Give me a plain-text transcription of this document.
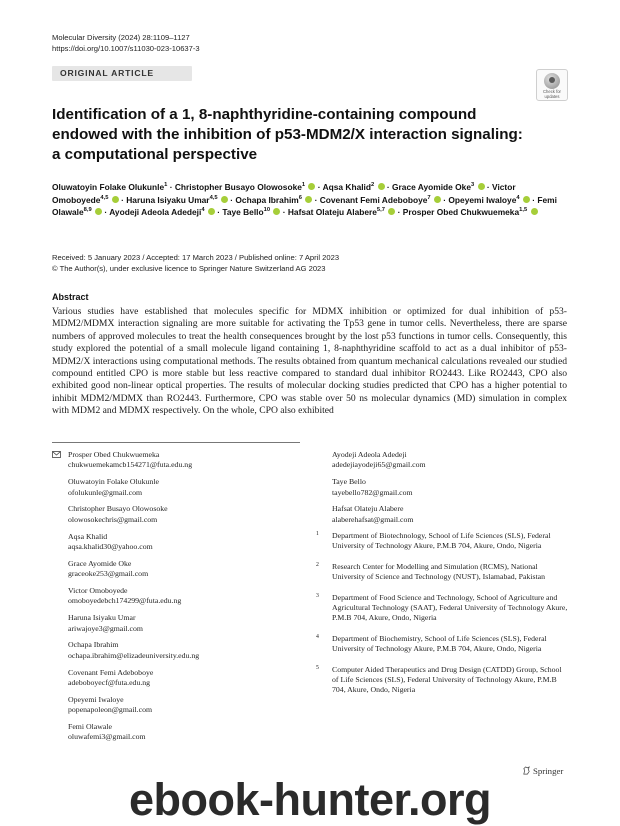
Molecular Diversity (2024) 28:1109–1127
https://doi.org/10.1007/s11030-023-10637-3
ORIGINAL ARTICLE
Check for
updates
Identification of a 1, 8-naphthyridine-containing compound
endowed with the inhibition of p53-MDM2/X interaction signaling:
a computational perspective
Oluwatoyin Folake Olukunle$^1$ · Christopher Busayo Olowosoke$^1$  · Aqsa Khalid$^2$  · Grace Ayomide Oke$^3$  · Victor Omoboyede$^{4,5}$  · Haruna Isiyaku Umar$^{4,5}$  · Ochapa Ibrahim$^6$  · Covenant Femi Adeboboye$^7$  · Opeyemi Iwaloye$^4$  · Femi Olawale$^{8,9}$  · Ayodeji Adeola Adedeji$^4$  · Taye Bello$^{10}$  · Hafsat Olateju Alabere$^{5,7}$  · Prosper Obed Chukwuemeka$^{1,5}$
Received: 5 January 2023 / Accepted: 17 March 2023 / Published online: 7 April 2023
© The Author(s), under exclusive licence to Springer Nature Switzerland AG 2023
Abstract

Various studies have established that molecules specific for MDMX inhibition or optimized for dual inhibition of p53-MDM2/MDMX interaction signaling are more suitable for activating the Tp53 gene in tumor cells. Nevertheless, there are sparse numbers of approved molecules to treat the health consequences brought by the lost p53 functions in tumor cells. Consequently, this study explored the potential of a small molecule ligand containing 1, 8-naphthyridine scaffold to act as a dual inhibitor of p53-MDM2/X interactions using computational methods. The results obtained from quantum mechanical calculations revealed our studied compound entitled CPO is more stable but less reactive compared to standard dual inhibitor RO2443. Like RO2443, CPO also exhibited good non-linear optical properties. The results of molecular docking studies predicted that CPO has a higher potential to inhibit MDM2/MDMX than RO2443. Furthermore, CPO was stable over 50 ns molecular dynamics (MD) simulation in complex with MDM2 and MDMX respectively. On the whole, CPO also exhibited

Prosper Obed Chukwuemeka
chukwuemekamcb154271@futa.edu.ng
Oluwatoyin Folake Olukunle
ofolukunle@gmail.com
Christopher Busayo Olowosoke
olowosokechris@gmail.com
Aqsa Khalid
aqsa.khalid30@yahoo.com
Grace Ayomide Oke
graceoke253@gmail.com
Victor Omoboyede
omoboyedebch174299@futa.edu.ng
Haruna Isiyaku Umar
ariwajoye3@gmail.com
Ochapa Ibrahim
ochapa.ibrahim@elizadeuniversity.edu.ng
Covenant Femi Adeboboye
adeboboyecf@futa.edu.ng
Opeyemi Iwaloye
popenapoleon@gmail.com
Femi Olawale
oluwafemi3@gmail.com
Ayodeji Adeola Adedeji
adedejiayodeji65@gmail.com
Taye Bello
tayebello782@gmail.com
Hafsat Olateju Alabere
alaberehafsat@gmail.com
1 Department of Biotechnology, School of Life Sciences (SLS), Federal University of Technology Akure, P.M.B 704, Akure, Ondo, Nigeria
2 Research Center for Modelling and Simulation (RCMS), National University of Science and Technology (NUST), Islamabad, Pakistan
3 Department of Food Science and Technology, School of Agriculture and Agricultural Technology (SAAT), Federal University of Technology Akure, P.M.B 704, Akure, Ondo, Nigeria
4 Department of Biochemistry, School of Life Sciences (SLS), Federal University of Technology Akure, P.M.B 704, Akure, Ondo, Nigeria
5 Computer Aided Therapeutics and Drug Design (CATDD) Group, School of Life Sciences (SLS), Federal University of Technology Akure, P.M.B 704, Akure, Ondo, Nigeria
Springer
ebook-hunter.org
